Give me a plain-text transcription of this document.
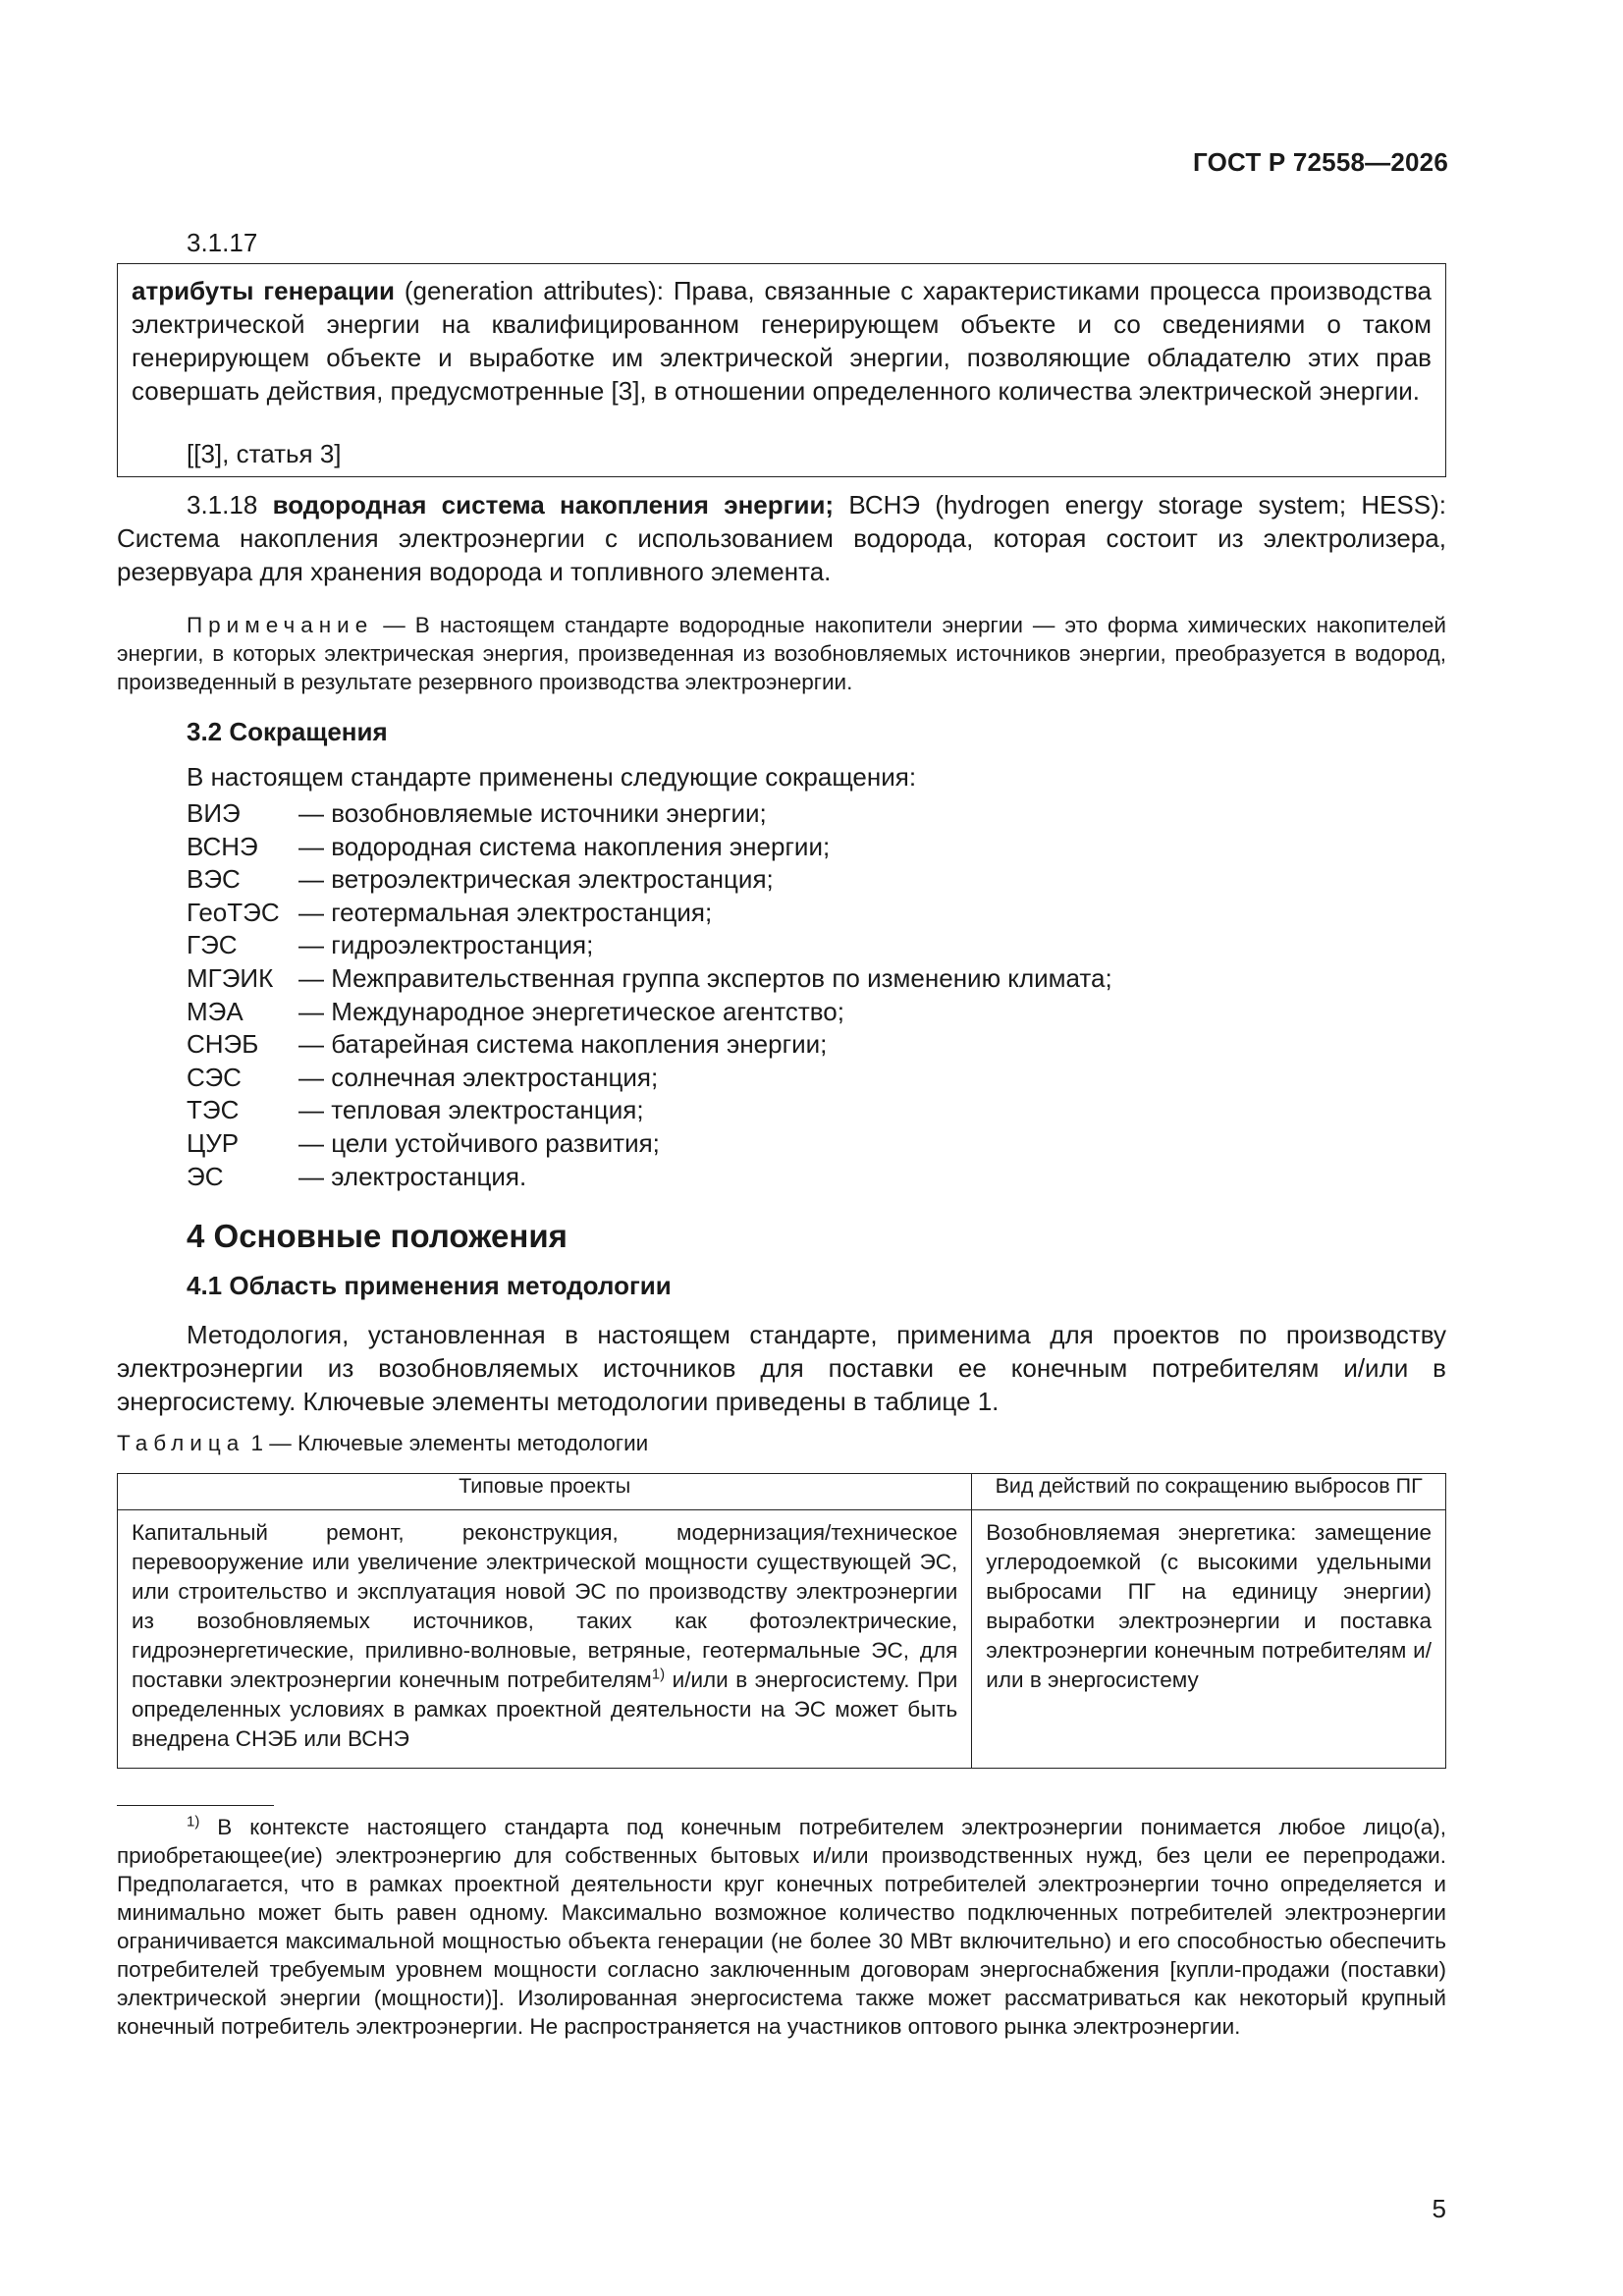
ГОСТ Р 72558—2026
3.1.17
атрибуты генерации (generation attributes): Права, связанные с характеристиками процесса производства электрической энергии на квалифицированном генерирующем объекте и со сведениями о таком генерирующем объекте и выработке им электрической энергии, позволяющие обладателю этих прав совершать действия, предусмотренные [3], в отношении определенного количества электрической энергии.
[[3], статья 3]
3.1.18 водородная система накопления энергии; ВСНЭ (hydrogen energy storage system; HESS): Система накопления электроэнергии с использованием водорода, которая состоит из электролизера, резервуара для хранения водорода и топливного элемента.
Примечание — В настоящем стандарте водородные накопители энергии — это форма химических накопителей энергии, в которых электрическая энергия, произведенная из возобновляемых источников энергии, преобразуется в водород, произведенный в результате резервного производства электроэнергии.
3.2 Сокращения
В настоящем стандарте применены следующие сокращения:
ВИЭ	— возобновляемые источники энергии;
ВСНЭ	— водородная система накопления энергии;
ВЭС	— ветроэлектрическая электростанция;
ГеоТЭС — геотермальная электростанция;
ГЭС	— гидроэлектростанция;
МГЭИК — Межправительственная группа экспертов по изменению климата;
МЭА	— Международное энергетическое агентство;
СНЭБ	— батарейная система накопления энергии;
СЭС	— солнечная электростанция;
ТЭС	— тепловая электростанция;
ЦУР	— цели устойчивого развития;
ЭС	— электростанция.
4 Основные положения
4.1 Область применения методологии
Методология, установленная в настоящем стандарте, применима для проектов по производству электроэнергии из возобновляемых источников для поставки ее конечным потребителям и/или в энергосистему. Ключевые элементы методологии приведены в таблице 1.
Таблица 1 — Ключевые элементы методологии
Типовые проекты	Вид действий по сокращению выбросов ПГ
Капитальный ремонт, реконструкция, модернизация/техническое перевооружение или увеличение электрической мощности существующей ЭС, или строительство и эксплуатация новой ЭС по производству электроэнергии из возобновляемых источников, таких как фотоэлектрические, гидроэнергетические, приливно-волновые, ветряные, геотермальные ЭС, для поставки электроэнергии конечным потребителям$^{1)}$ и/или в энергосистему. При определенных условиях в рамках проектной деятельности на ЭС может быть внедрена СНЭБ или ВСНЭ	Возобновляемая энергетика: замещение углеродоемкой (с высокими удельными выбросами ПГ на единицу энергии) выработки электроэнергии и поставка электроэнергии конечным потребителям и/или в энергосистему
$^{1)}$ В контексте настоящего стандарта под конечным потребителем электроэнергии понимается любое лицо(а), приобретающее(ие) электроэнергию для собственных бытовых и/или производственных нужд, без цели ее перепродажи. Предполагается, что в рамках проектной деятельности круг конечных потребителей электроэнергии точно определяется и минимально может быть равен одному. Максимально возможное количество подключенных потребителей электроэнергии ограничивается максимальной мощностью объекта генерации (не более 30 МВт включительно) и его способностью обеспечить потребителей требуемым уровнем мощности согласно заключенным договорам энергоснабжения [купли-продажи (поставки) электрической энергии (мощности)]. Изолированная энергосистема также может рассматриваться как некоторый крупный конечный потребитель электроэнергии. Не распространяется на участников оптового рынка электроэнергии.
5
